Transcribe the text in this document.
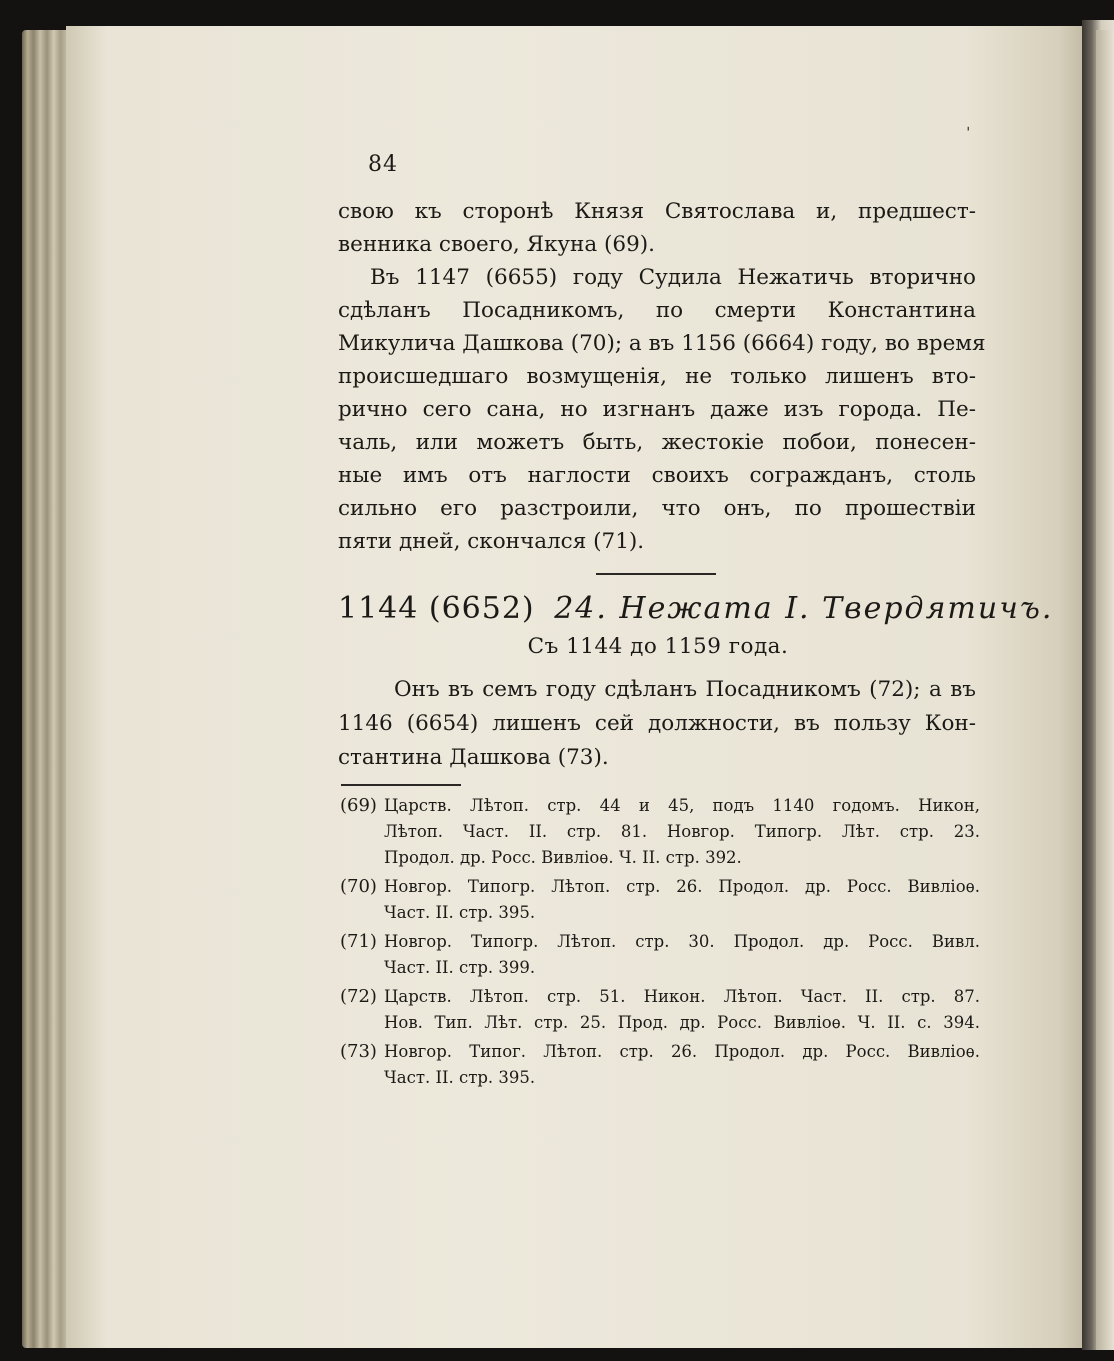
ˈ
84

свою къ сторонѣ Князя Святослава и, предшест-
венника своего, Якуна (69).

Въ 1147 (6655) году Судила Нежатичь вторично
сдѣланъ Посадникомъ, по смерти Константина
Микулича Дашкова (70); а въ 1156 (6664) году, во время
происшедшаго возмущенія, не только лишенъ вто-
рично сего сана, но изгнанъ даже изъ города. Пе-
чаль, или можетъ быть, жестокіе побои, понесен-
ные имъ отъ наглости своихъ согражданъ, столь
сильно его разстроили, что онъ, по прошествіи
пяти дней, скончался (71).

1144 (6652) 24. Нежата I. Твердятичъ.
Съ 1144 до 1159 года.

Онъ въ семъ году сдѣланъ Посадникомъ (72); а въ
1146 (6654) лишенъ сей должности, въ пользу Кон-
стантина Дашкова (73).

(69) Царств. Лѣтоп. стр. 44 и 45, подъ 1140 годомъ. Никон,
Лѣтоп. Част. II. стр. 81. Новгор. Типогр. Лѣт. стр. 23.
Продол. др. Росс. Вивліоѳ. Ч. II. стр. 392.
(70) Новгор. Типогр. Лѣтоп. стр. 26. Продол. др. Росс. Вивліоѳ.
Част. II. стр. 395.
(71) Новгор. Типогр. Лѣтоп. стр. 30. Продол. др. Росс. Вивл.
Част. II. стр. 399.
(72) Царств. Лѣтоп. стр. 51. Никон. Лѣтоп. Част. II. стр. 87.
Нов. Тип. Лѣт. стр. 25. Прод. др. Росс. Вивліоѳ. Ч. II. с. 394.
(73) Новгор. Типог. Лѣтоп. стр. 26. Продол. др. Росс. Вивліоѳ.
Част. II. стр. 395.
